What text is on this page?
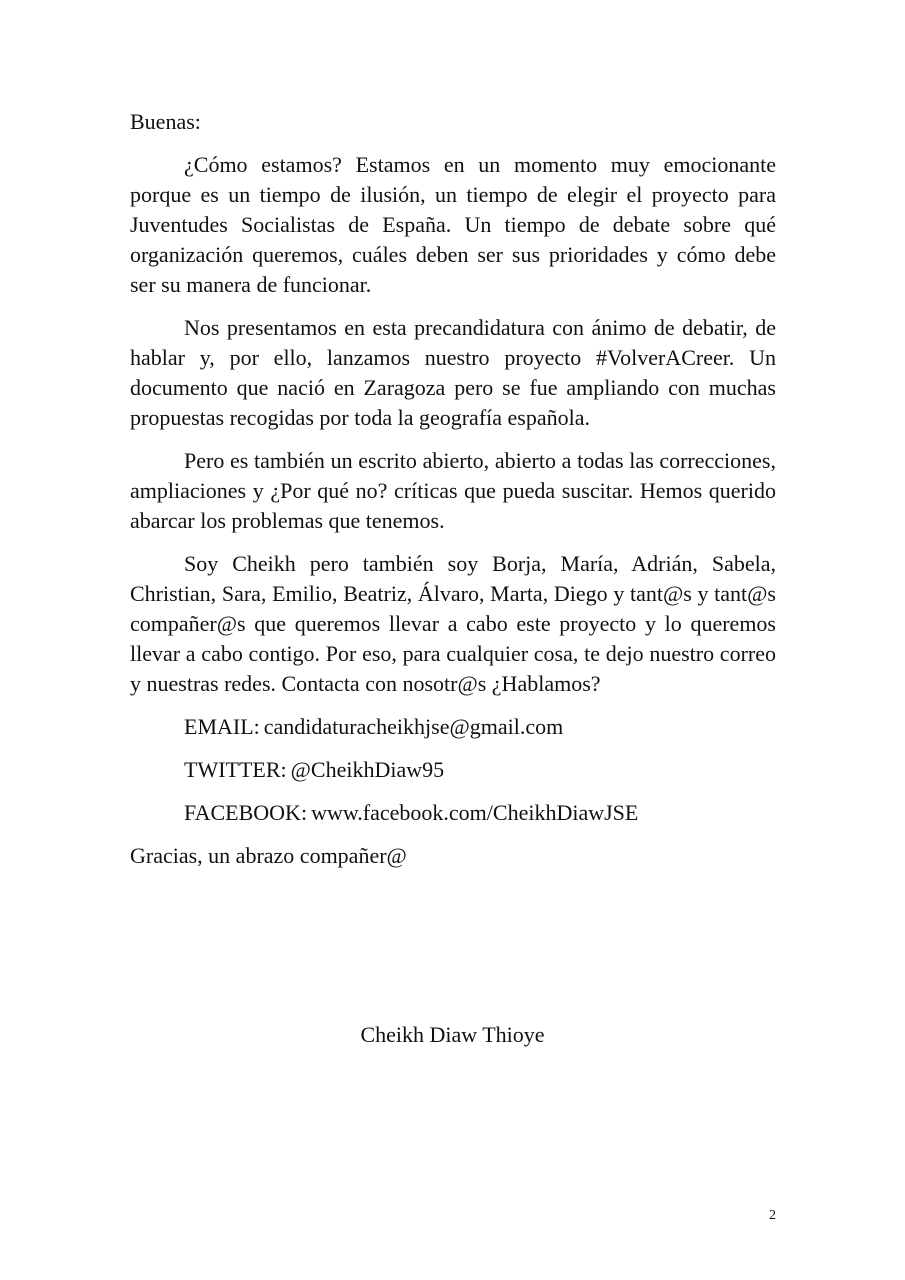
Buenas:

¿Cómo estamos? Estamos en un momento muy emocionante porque es un tiempo de ilusión, un tiempo de elegir el proyecto para Juventudes Socialistas de España. Un tiempo de debate sobre qué organización queremos, cuáles deben ser sus prioridades y cómo debe ser su manera de funcionar.

Nos presentamos en esta precandidatura con ánimo de debatir, de hablar y, por ello, lanzamos nuestro proyecto #VolverACreer. Un documento que nació en Zaragoza pero se fue ampliando con muchas propuestas recogidas por toda la geografía española.

Pero es también un escrito abierto, abierto a todas las correcciones, ampliaciones y ¿Por qué no? críticas que pueda suscitar. Hemos querido abarcar los problemas que tenemos.

Soy Cheikh pero también soy Borja, María, Adrián, Sabela, Christian, Sara, Emilio, Beatriz, Álvaro, Marta, Diego y tant@s y tant@s compañer@s que queremos llevar a cabo este proyecto y lo queremos llevar a cabo contigo. Por eso, para cualquier cosa, te dejo nuestro correo y nuestras redes. Contacta con nosotr@s ¿Hablamos?

EMAIL: candidaturacheikhjse@gmail.com

TWITTER: @CheikhDiaw95

FACEBOOK: www.facebook.com/CheikhDiawJSE

Gracias, un abrazo compañer@

Cheikh Diaw Thioye
2
